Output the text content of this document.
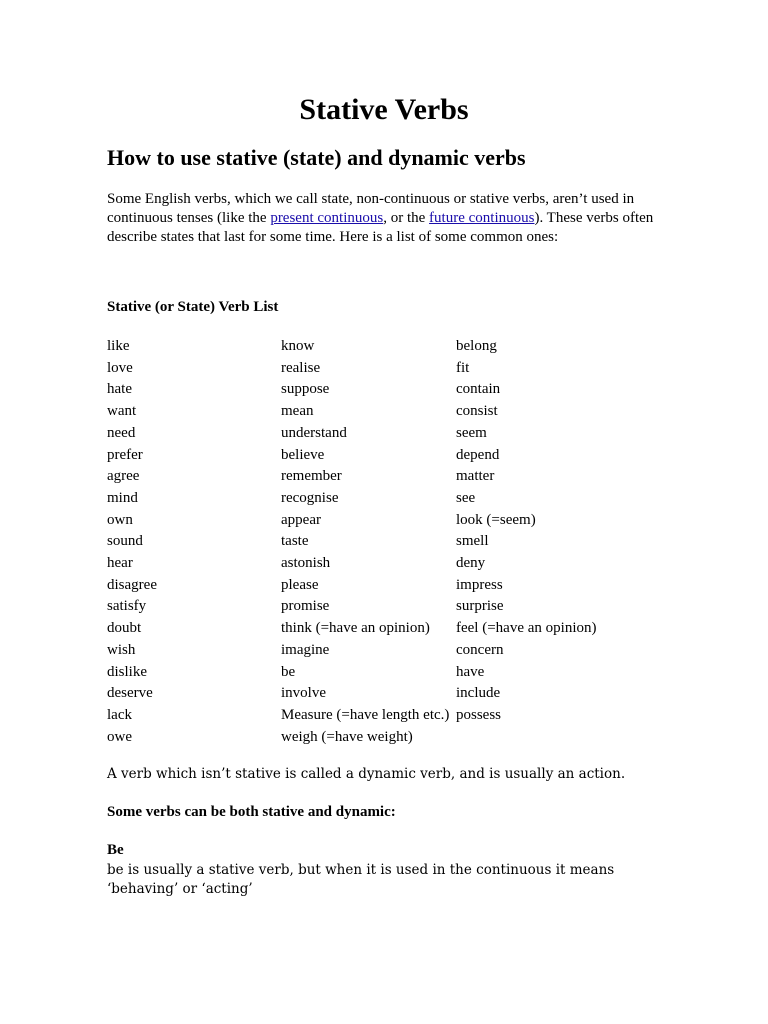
Stative Verbs
How to use stative (state) and dynamic verbs

Some English verbs, which we call state, non-continuous or stative verbs, aren’t used in continuous tenses (like the present continuous, or the future continuous). These verbs often describe states that last for some time. Here is a list of some common ones:

Stative (or State) Verb List

like	know	belong
love	realise	fit
hate	suppose	contain
want	mean	consist
need	understand	seem
prefer	believe	depend
agree	remember	matter
mind	recognise	see
own	appear	look (=seem)
sound	taste	smell
hear	astonish	deny
disagree	please	impress
satisfy	promise	surprise
doubt	think (=have an opinion)	feel (=have an opinion)
wish	imagine	concern
dislike	be	have
deserve	involve	include
lack	Measure (=have length etc.)	possess
owe	weigh (=have weight)	

A verb which isn’t stative is called a dynamic verb, and is usually an action.

Some verbs can be both stative and dynamic:

Be

be is usually a stative verb, but when it is used in the continuous it means ‘behaving’ or ‘acting’
